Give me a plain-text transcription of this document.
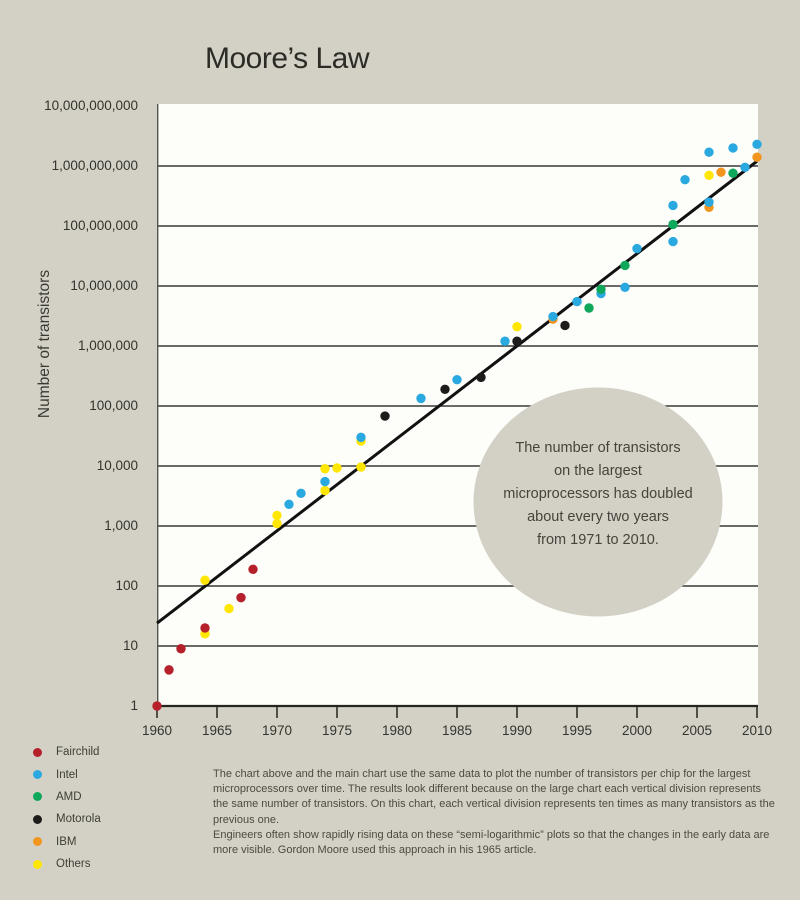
Moore’s Law
Number of transistors
10,000,000,000
1,000,000,000
100,000,000
10,000,000
1,000,000
100,000
10,000
1,000
100
10
1
1960	1965	1970	1975	1980	1985	1990	1995	2000	2005	2010
The number of transistors
on the largest
microprocessors has doubled
about every two years
from 1971 to 2010.
Fairchild
Intel
AMD
Motorola
IBM
Others
The chart above and the main chart use the same data to plot the number of transistors per chip for the largest microprocessors over time. The results look different because on the large chart each vertical division represents the same number of transistors. On this chart, each vertical division represents ten times as many transistors as the previous one.
Engineers often show rapidly rising data on these “semi-logarithmic” plots so that the changes in the early data are more visible. Gordon Moore used this approach in his 1965 article.
